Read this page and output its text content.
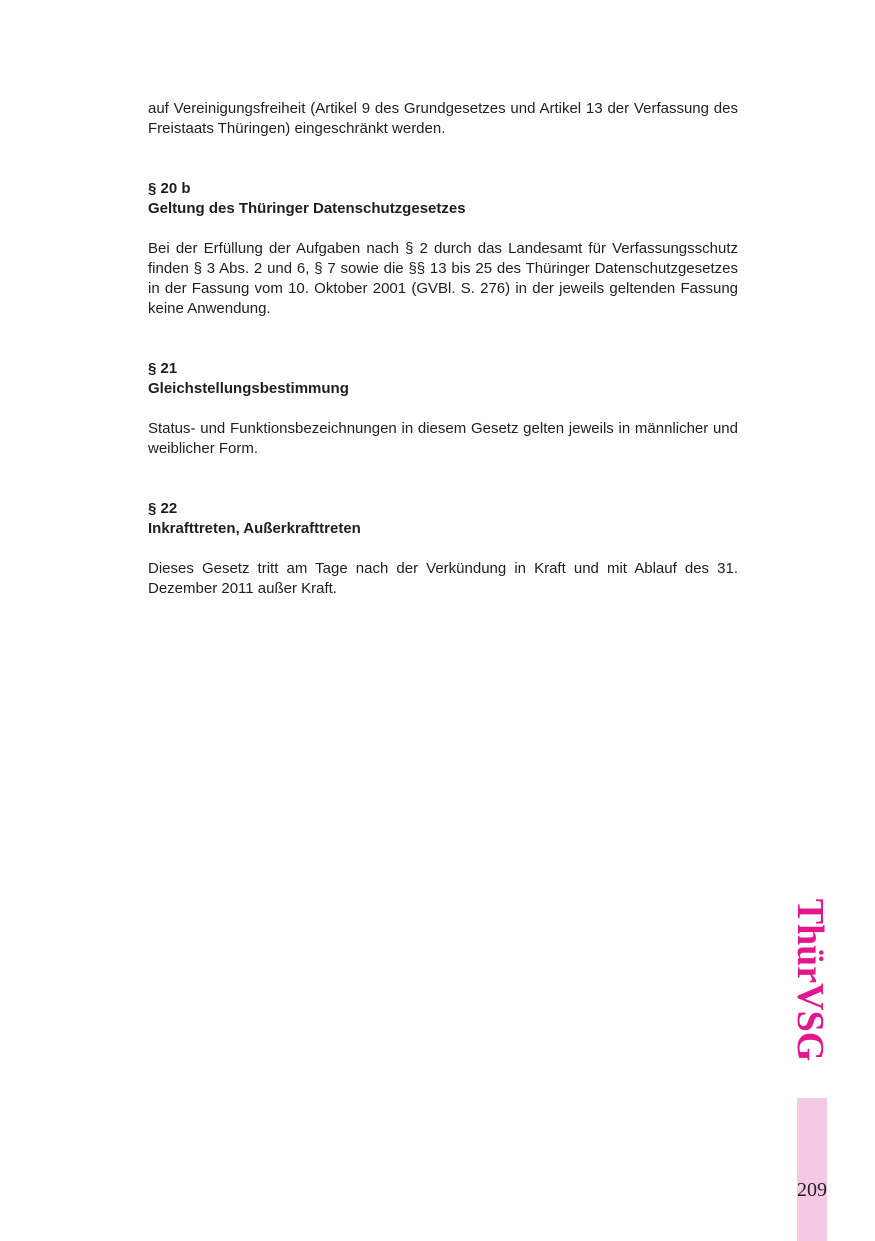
auf Vereinigungsfreiheit (Artikel 9 des Grundgesetzes und Artikel 13 der Verfassung des Freistaats Thüringen) eingeschränkt werden.

§ 20 b

Geltung des Thüringer Datenschutzgesetzes

Bei der Erfüllung der Aufgaben nach § 2 durch das Landesamt für Verfassungsschutz finden § 3 Abs. 2 und 6, § 7 sowie die §§ 13 bis 25 des Thüringer Datenschutzgesetzes in der Fassung vom 10. Oktober 2001 (GVBl. S. 276) in der jeweils geltenden Fassung keine Anwendung.

§ 21

Gleichstellungsbestimmung

Status- und Funktionsbezeichnungen in diesem Gesetz gelten jeweils in männlicher und weiblicher Form.

§ 22

Inkrafttreten, Außerkrafttreten

Dieses Gesetz tritt am Tage nach der Verkündung in Kraft und mit Ablauf des 31. Dezember 2011 außer Kraft.

ThürVSG
209
